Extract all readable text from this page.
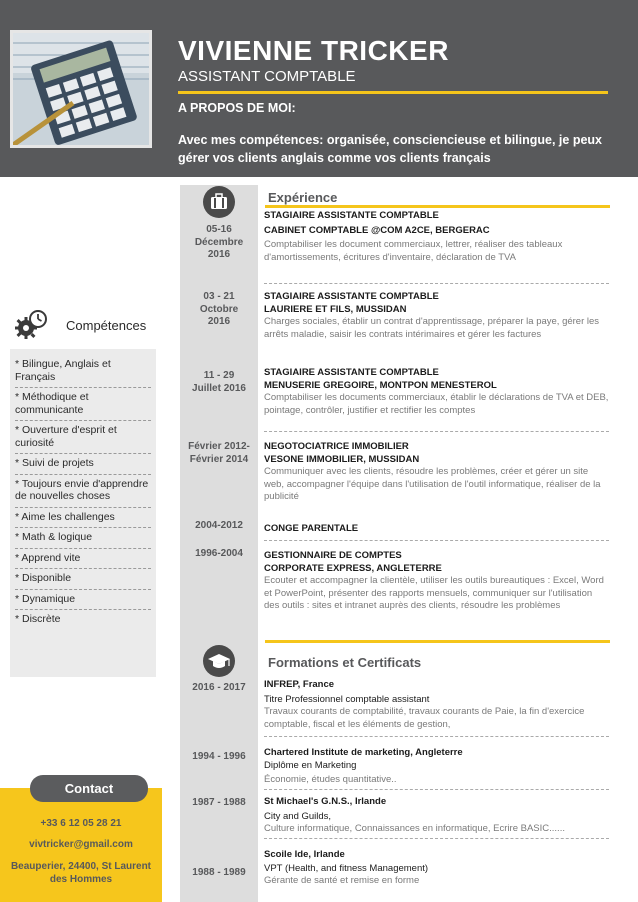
VIVIENNE TRICKER
ASSISTANT COMPTABLE
A PROPOS DE MOI:
Avec mes compétences: organisée, consciencieuse et bilingue, je peux gérer vos clients anglais comme vos clients français
Compétences
* Bilingue, Anglais et Français
* Méthodique et communicante
* Ouverture d'esprit et curiosité
* Suivi de projets
* Toujours envie d'apprendre de nouvelles choses
* Aime les challenges
* Math & logique
* Apprend vite
* Disponible
* Dynamique
* Discrète
Contact
+33 6 12 05 28 21
vivtricker@gmail.com
Beauperier, 24400, St Laurent des Hommes
Expérience
05-16 Décembre 2016
STAGIAIRE ASSISTANTE COMPTABLE
CABINET COMPTABLE @COM A2CE, BERGERAC
Comptabiliser les document commerciaux, lettrer, réaliser des tableaux d'amortissements, écritures d'inventaire, déclaration de TVA
03 - 21 Octobre 2016
STAGIAIRE ASSISTANTE COMPTABLE
LAURIERE ET FILS, MUSSIDAN
Charges sociales, établir un contrat d'apprentissage, préparer la paye, gérer les arrêts maladie, saisir les contrats intérimaires et gérer les factures
11 - 29 Juillet 2016
STAGIAIRE ASSISTANTE COMPTABLE
MENUSERIE GREGOIRE, MONTPON MENESTEROL
Comptabiliser les documents commerciaux, établir le déclarations de TVA et DEB, pointage, contrôler, justifier et rectifier les comptes
Février 2012- Février 2014
NEGOTOCIATRICE IMMOBILIER
VESONE IMMOBILIER, MUSSIDAN
Communiquer avec les clients, résoudre les problèmes, créer et gérer un site web, accompagner l'équipe dans l'utilisation de l'outil informatique, réaliser de la publicité
2004-2012	CONGE PARENTALE
1996-2004	GESTIONNAIRE DE COMPTES
CORPORATE EXPRESS, ANGLETERRE
Ecouter et accompagner la clientèle, utiliser les outils bureautiques : Excel, Word et PowerPoint, présenter des rapports mensuels, communiquer sur l'utilisation des outils : sites et intranet auprès des clients, résoudre les problèmes
Formations et Certificats
2016 - 2017	INFREP, France
Titre Professionnel comptable assistant
Travaux courants de comptabilité, travaux courants de Paie, la fin d'exercice comptable, fiscal et les éléments de gestion,
1994 - 1996	Chartered Institute de marketing, Angleterre
Diplôme en Marketing
Économie, études quantitative..
1987 - 1988	St Michael's G.N.S., Irlande
City and Guilds,
Culture informatique, Connaissances en informatique, Ecrire BASIC......
1988 - 1989
Scoile Ide, Irlande
VPT (Health, and fitness Management)
Gérante de santé et remise en forme
